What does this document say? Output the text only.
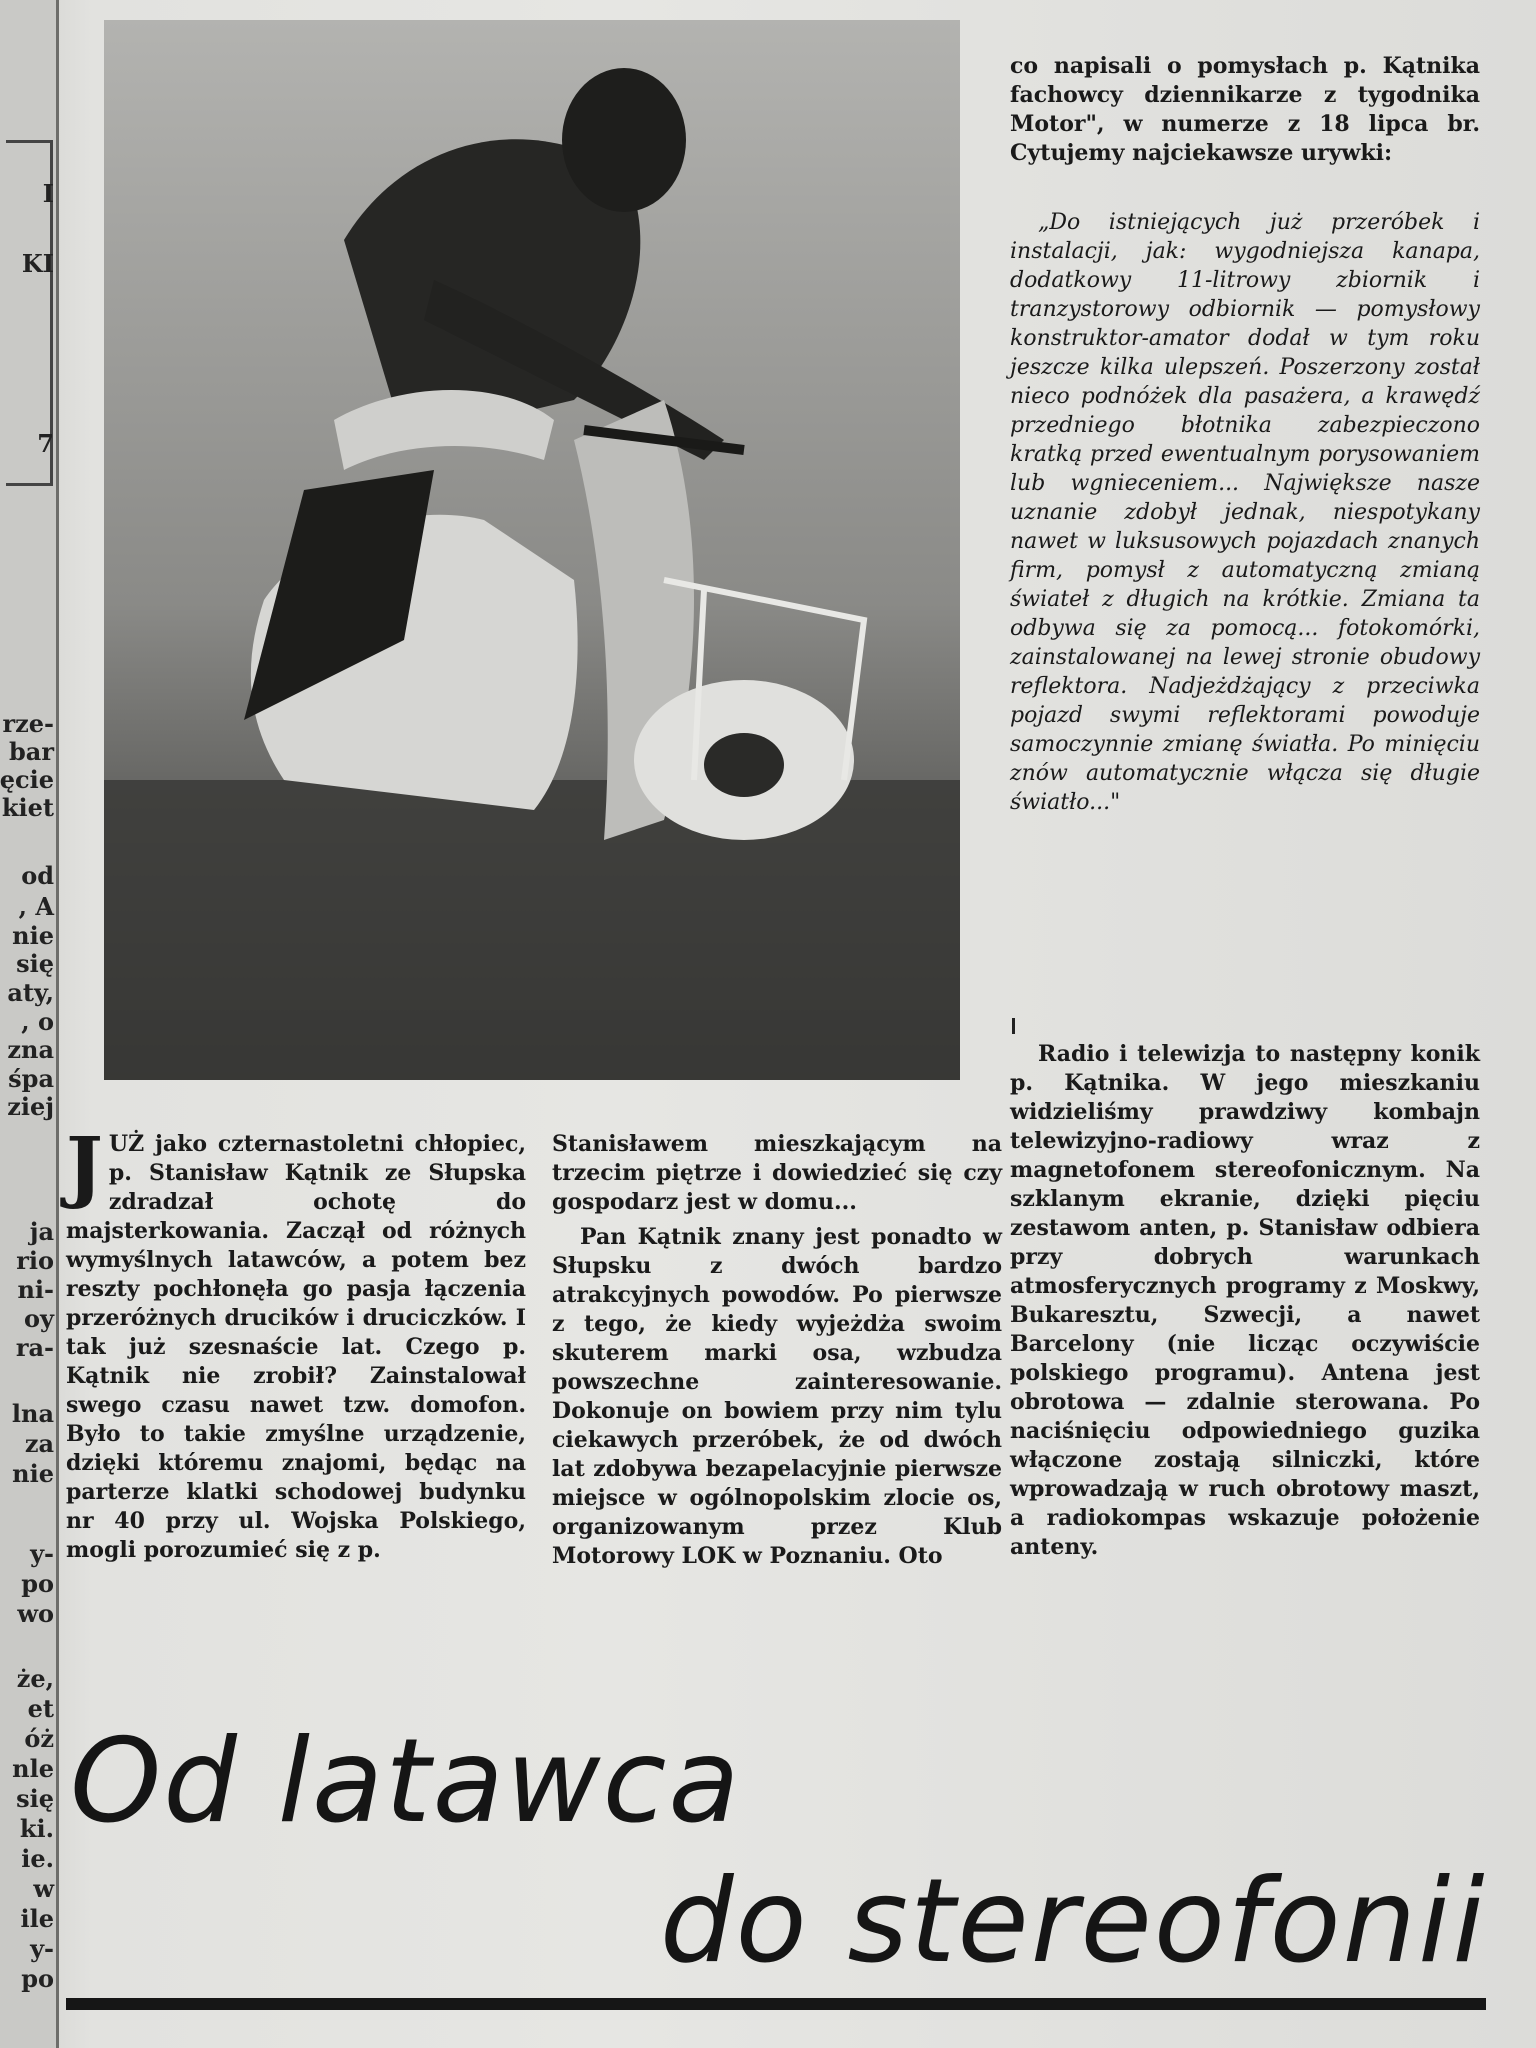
I
KI
7
rze-
bar
ęcie
kiet
od
, A
nie
się
aty,
, o
zna
śpa
ziej
ja
rio
ni-
oy
ra-
lna
za
nie
y-
po
wo
że,
et
óż
nle
się
ki.
ie.
w
ile
y-
po

co napisali o pomysłach p. Kątnika fachowcy dziennikarze z tygodnika Motor", w numerze z 18 lipca br. Cytujemy najciekawsze urywki:

„Do istniejących już przeróbek i instalacji, jak: wygodniejsza kanapa, dodatkowy 11-litrowy zbiornik i tranzystorowy odbiornik — pomysłowy konstruktor-amator dodał w tym roku jeszcze kilka ulepszeń. Poszerzony został nieco podnóżek dla pasażera, a krawędź przedniego błotnika zabezpieczono kratką przed ewentualnym porysowaniem lub wgnieceniem... Największe nasze uznanie zdobył jednak, niespotykany nawet w luksusowych pojazdach znanych firm, pomysł z automatyczną zmianą świateł z długich na krótkie. Zmiana ta odbywa się za pomocą... fotokomórki, zainstalowanej na lewej stronie obudowy reflektora. Nadjeżdżający z przeciwka pojazd swymi reflektorami powoduje samoczynnie zmianę światła. Po minięciu znów automatycznie włącza się długie światło..."

Radio i telewizja to następny konik p. Kątnika. W jego mieszkaniu widzieliśmy prawdziwy kombajn telewizyjno-radiowy wraz z magnetofonem stereofonicznym. Na szklanym ekranie, dzięki pięciu zestawom anten, p. Stanisław odbiera przy dobrych warunkach atmosferycznych programy z Moskwy, Bukaresztu, Szwecji, a nawet Barcelony (nie licząc oczywiście polskiego programu). Antena jest obrotowa — zdalnie sterowana. Po naciśnięciu odpowiedniego guzika włączone zostają silniczki, które wprowadzają w ruch obrotowy maszt, a radiokompas wskazuje położenie anteny.

J UŻ jako czternastoletni chłopiec, p. Stanisław Kątnik ze Słupska zdradzał ochotę do majsterkowania. Zaczął od różnych wymyślnych latawców, a potem bez reszty pochłonęła go pasja łączenia przeróżnych drucików i druciczków. I tak już szesnaście lat. Czego p. Kątnik nie zrobił? Zainstalował swego czasu nawet tzw. domofon. Było to takie zmyślne urządzenie, dzięki któremu znajomi, będąc na parterze klatki schodowej budynku nr 40 przy ul. Wojska Polskiego, mogli porozumieć się z p.

Stanisławem mieszkającym na trzecim piętrze i dowiedzieć się czy gospodarz jest w domu...

Pan Kątnik znany jest ponadto w Słupsku z dwóch bardzo atrakcyjnych powodów. Po pierwsze z tego, że kiedy wyjeżdża swoim skuterem marki osa, wzbudza powszechne zainteresowanie. Dokonuje on bowiem przy nim tylu ciekawych przeróbek, że od dwóch lat zdobywa bezapelacyjnie pierwsze miejsce w ogólnopolskim zlocie os, organizowanym przez Klub Motorowy LOK w Poznaniu. Oto

Od latawca
do stereofonii
